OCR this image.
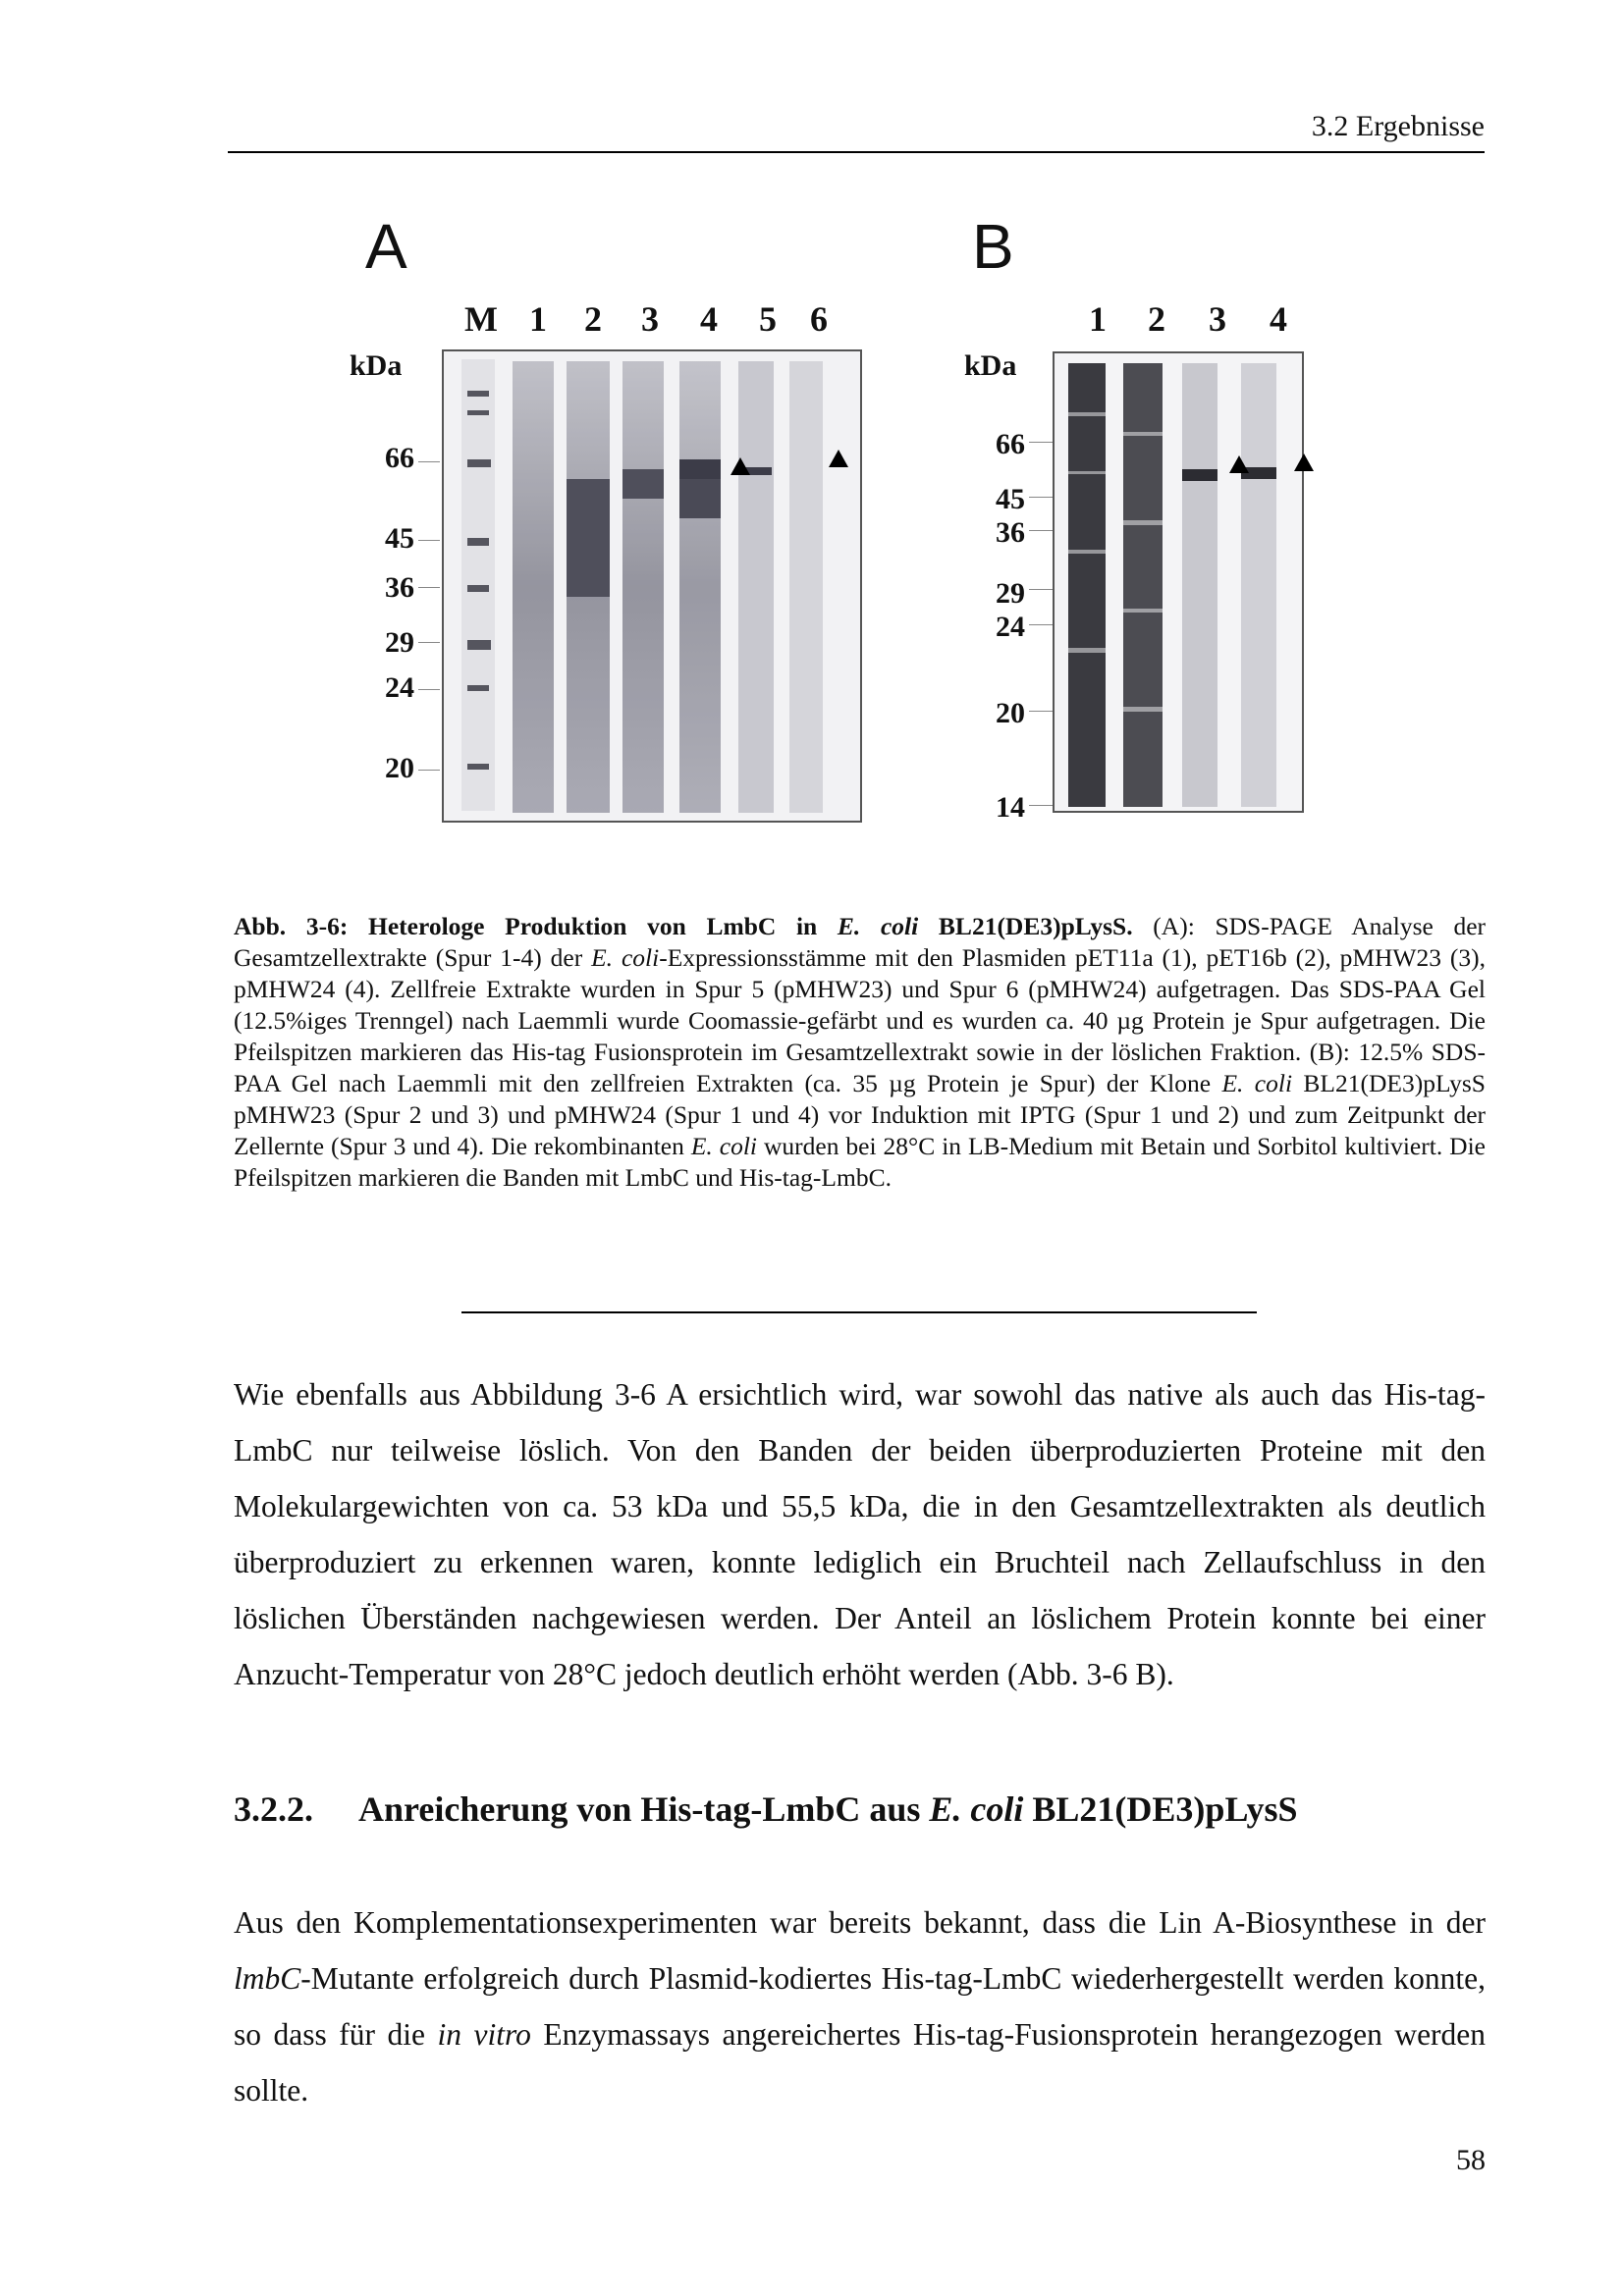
3.2 Ergebnisse
A
M 1	2	3	4	5 6
kDa
66
45
36
29
24
20
B
1	2	3	4
kDa
66
45
36
29
24
20
14
Abb. 3-6: Heterologe Produktion von LmbC in E. coli BL21(DE3)pLysS. (A): SDS-PAGE Analyse der Gesamtzellextrakte (Spur 1-4) der E. coli-Expressionsstämme mit den Plasmiden pET11a (1), pET16b (2), pMHW23 (3), pMHW24 (4). Zellfreie Extrakte wurden in Spur 5 (pMHW23) und Spur 6 (pMHW24) aufgetragen. Das SDS-PAA Gel (12.5%iges Trenngel) nach Laemmli wurde Coomassie-gefärbt und es wurden ca. 40 µg Protein je Spur aufgetragen. Die Pfeilspitzen markieren das His-tag Fusionsprotein im Gesamtzellextrakt sowie in der löslichen Fraktion. (B): 12.5% SDS-PAA Gel nach Laemmli mit den zellfreien Extrakten (ca. 35 µg Protein je Spur) der Klone E. coli BL21(DE3)pLysS pMHW23 (Spur 2 und 3) und pMHW24 (Spur 1 und 4) vor Induktion mit IPTG (Spur 1 und 2) und zum Zeitpunkt der Zellernte (Spur 3 und 4). Die rekombinanten E. coli wurden bei 28°C in LB-Medium mit Betain und Sorbitol kultiviert. Die Pfeilspitzen markieren die Banden mit LmbC und His-tag-LmbC.
Wie ebenfalls aus Abbildung 3-6 A ersichtlich wird, war sowohl das native als auch das His-tag-LmbC nur teilweise löslich. Von den Banden der beiden überproduzierten Proteine mit den Molekulargewichten von ca. 53 kDa und 55,5 kDa, die in den Gesamtzellextrakten als deutlich überproduziert zu erkennen waren, konnte lediglich ein Bruchteil nach Zellaufschluss in den löslichen Überständen nachgewiesen werden. Der Anteil an löslichem Protein konnte bei einer Anzucht-Temperatur von 28°C jedoch deutlich erhöht werden (Abb. 3-6 B).
3.2.2. Anreicherung von His-tag-LmbC aus E. coli BL21(DE3)pLysS
Aus den Komplementationsexperimenten war bereits bekannt, dass die Lin A-Biosynthese in der lmbC-Mutante erfolgreich durch Plasmid-kodiertes His-tag-LmbC wiederhergestellt werden konnte, so dass für die in vitro Enzymassays angereichertes His-tag-Fusionsprotein herangezogen werden sollte.
58
